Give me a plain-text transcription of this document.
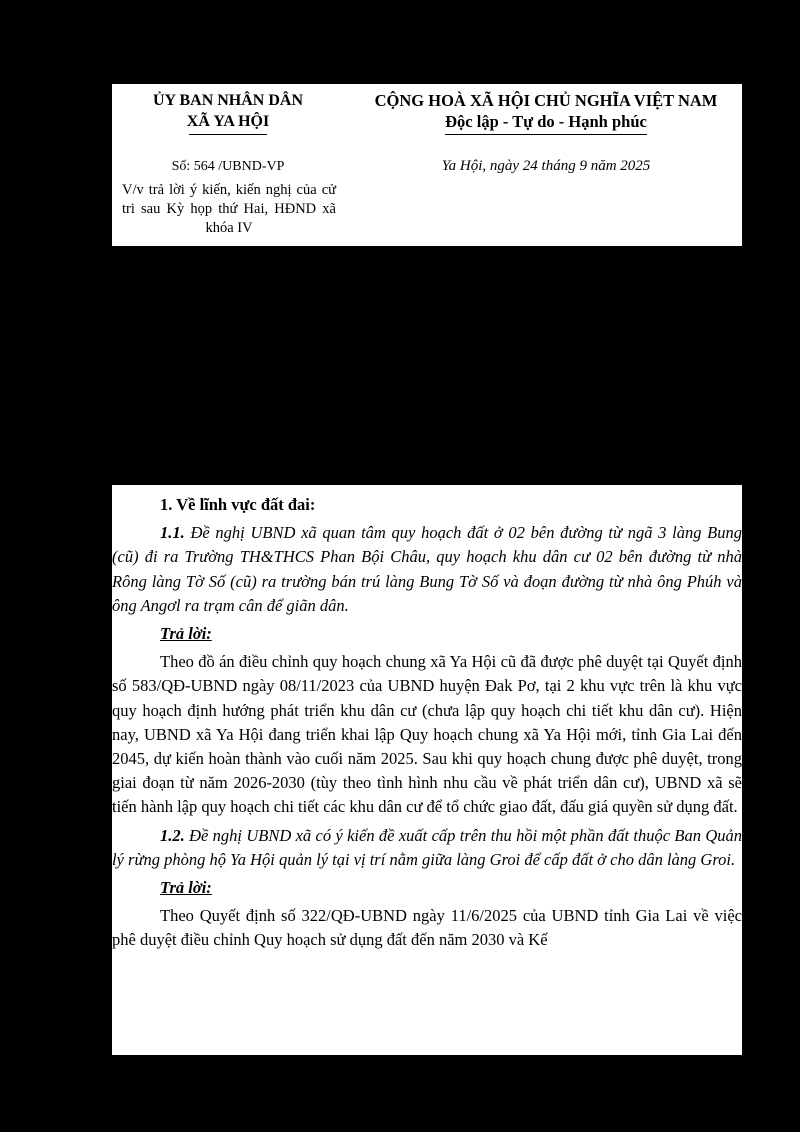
ỦY BAN NHÂN DÂN
XÃ YA HỘI
CỘNG HOÀ XÃ HỘI CHỦ NGHĨA VIỆT NAM
Độc lập - Tự do - Hạnh phúc
Số: 564 /UBND-VP	Ya Hội, ngày 24 tháng 9 năm 2025
V/v trả lời ý kiến, kiến nghị của cử tri sau Kỳ họp thứ Hai, HĐND xã khóa IV

1. Về lĩnh vực đất đai:

1.1. Đề nghị UBND xã quan tâm quy hoạch đất ở 02 bên đường từ ngã 3 làng Bung (cũ) đi ra Trường TH&THCS Phan Bội Châu, quy hoạch khu dân cư 02 bên đường từ nhà Rông làng Tờ Số (cũ) ra trường bán trú làng Bung Tờ Số và đoạn đường từ nhà ông Phúh và ông Angơl ra trạm cân để giãn dân.

Trả lời:

Theo đồ án điều chỉnh quy hoạch chung xã Ya Hội cũ đã được phê duyệt tại Quyết định số 583/QĐ-UBND ngày 08/11/2023 của UBND huyện Đak Pơ, tại 2 khu vực trên là khu vực quy hoạch định hướng phát triển khu dân cư (chưa lập quy hoạch chi tiết khu dân cư). Hiện nay, UBND xã Ya Hội đang triển khai lập Quy hoạch chung xã Ya Hội mới, tỉnh Gia Lai đến 2045, dự kiến hoàn thành vào cuối năm 2025. Sau khi quy hoạch chung được phê duyệt, trong giai đoạn từ năm 2026-2030 (tùy theo tình hình nhu cầu về phát triển dân cư), UBND xã sẽ tiến hành lập quy hoạch chi tiết các khu dân cư để tổ chức giao đất, đấu giá quyền sử dụng đất.

1.2. Đề nghị UBND xã có ý kiến đề xuất cấp trên thu hồi một phần đất thuộc Ban Quản lý rừng phòng hộ Ya Hội quản lý tại vị trí nằm giữa làng Groi để cấp đất ở cho dân làng Groi.

Trả lời:

Theo Quyết định số 322/QĐ-UBND ngày 11/6/2025 của UBND tỉnh Gia Lai về việc phê duyệt điều chỉnh Quy hoạch sử dụng đất đến năm 2030 và Kế
